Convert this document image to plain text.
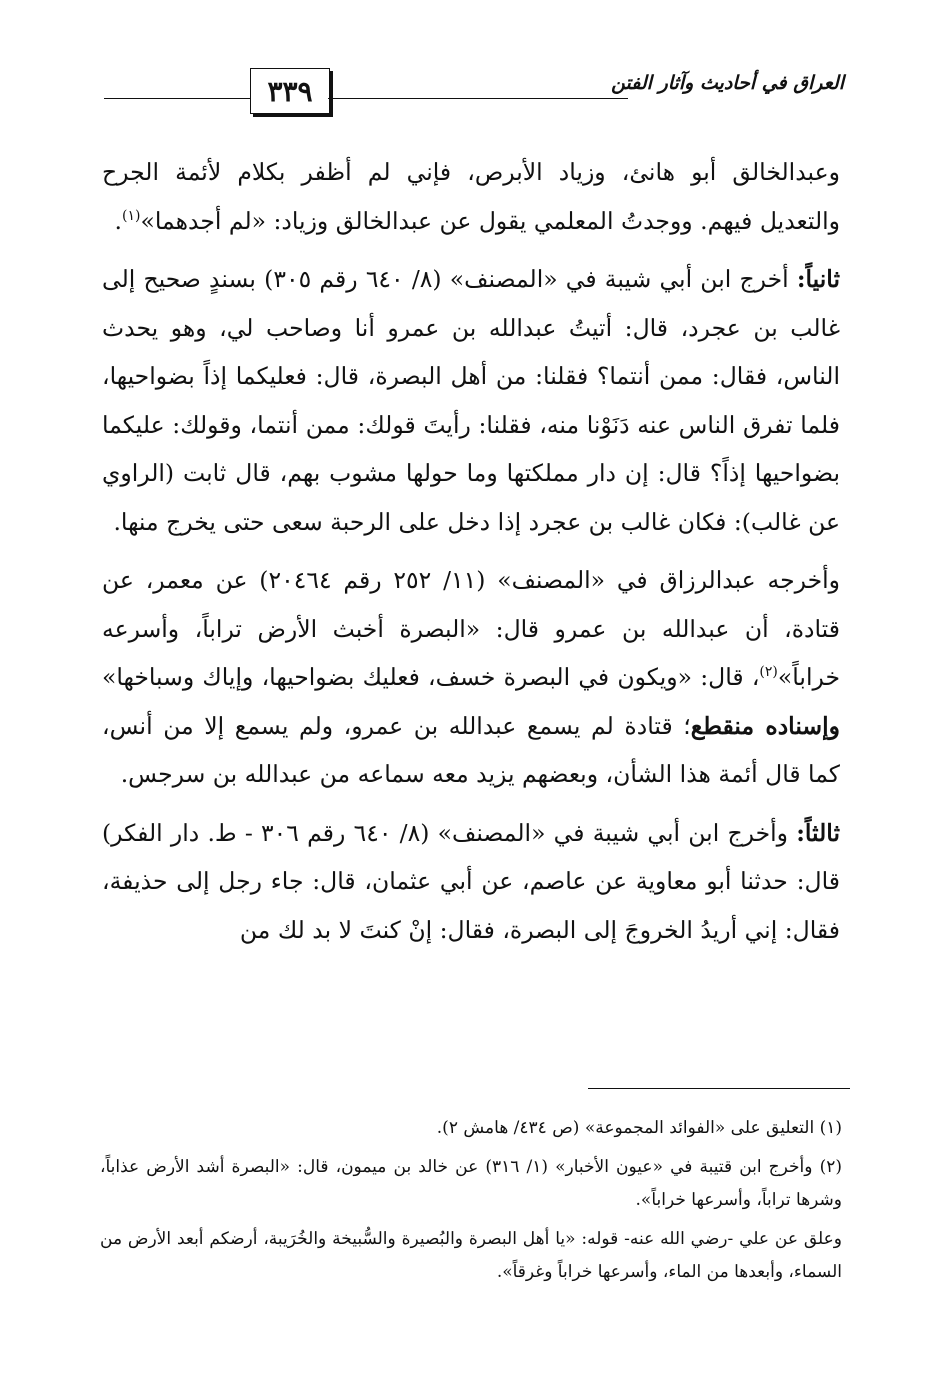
٣٣٩	العراق في أحاديث وآثار الفتن

وعبدالخالق أبو هانئ، وزياد الأبرص، فإني لم أظفر بكلام لأئمة الجرح والتعديل فيهم. ووجدتُ المعلمي يقول عن عبدالخالق وزياد: «لم أجدهما»$^{(١)}$.

ثانياً: أخرج ابن أبي شيبة في «المصنف» (٨/ ٦٤٠ رقم ٣٠٥) بسندٍ صحيح إلى غالب بن عجرد، قال: أتيتُ عبدالله بن عمرو أنا وصاحب لي، وهو يحدث الناس، فقال: ممن أنتما؟ فقلنا: من أهل البصرة، قال: فعليكما إذاً بضواحيها، فلما تفرق الناس عنه دَنَوْنا منه، فقلنا: رأيتَ قولك: ممن أنتما، وقولك: عليكما بضواحيها إذاً؟ قال: إن دار مملكتها وما حولها مشوب بهم، قال ثابت (الراوي عن غالب): فكان غالب بن عجرد إذا دخل على الرحبة سعى حتى يخرج منها.

وأخرجه عبدالرزاق في «المصنف» (١١/ ٢٥٢ رقم ٢٠٤٦٤) عن معمر، عن قتادة، أن عبدالله بن عمرو قال: «البصرة أخبث الأرض تراباً، وأسرعه خراباً»$^{(٢)}$، قال: «ويكون في البصرة خسف، فعليك بضواحيها، وإياك وسباخها» وإسناده منقطع؛ قتادة لم يسمع عبدالله بن عمرو، ولم يسمع إلا من أنس، كما قال أئمة هذا الشأن، وبعضهم يزيد معه سماعه من عبدالله بن سرجس.

ثالثاً: وأخرج ابن أبي شيبة في «المصنف» (٨/ ٦٤٠ رقم ٣٠٦ - ط. دار الفكر) قال: حدثنا أبو معاوية عن عاصم، عن أبي عثمان، قال: جاء رجل إلى حذيفة، فقال: إني أريدُ الخروجَ إلى البصرة، فقال: إنْ كنتَ لا بد لك من

(١) التعليق على «الفوائد المجموعة» (ص ٤٣٤/ هامش ٢).

(٢) وأخرج ابن قتيبة في «عيون الأخبار» (١/ ٣١٦) عن خالد بن ميمون، قال: «البصرة أشد الأرض عذاباً، وشرها تراباً، وأسرعها خراباً».

وعلق عن علي -رضي الله عنه- قوله: «يا أهل البصرة والبُصيرة والسُّبيخة والخُرَيبة، أرضكم أبعد الأرض من السماء، وأبعدها من الماء، وأسرعها خراباً وغرقاً».
